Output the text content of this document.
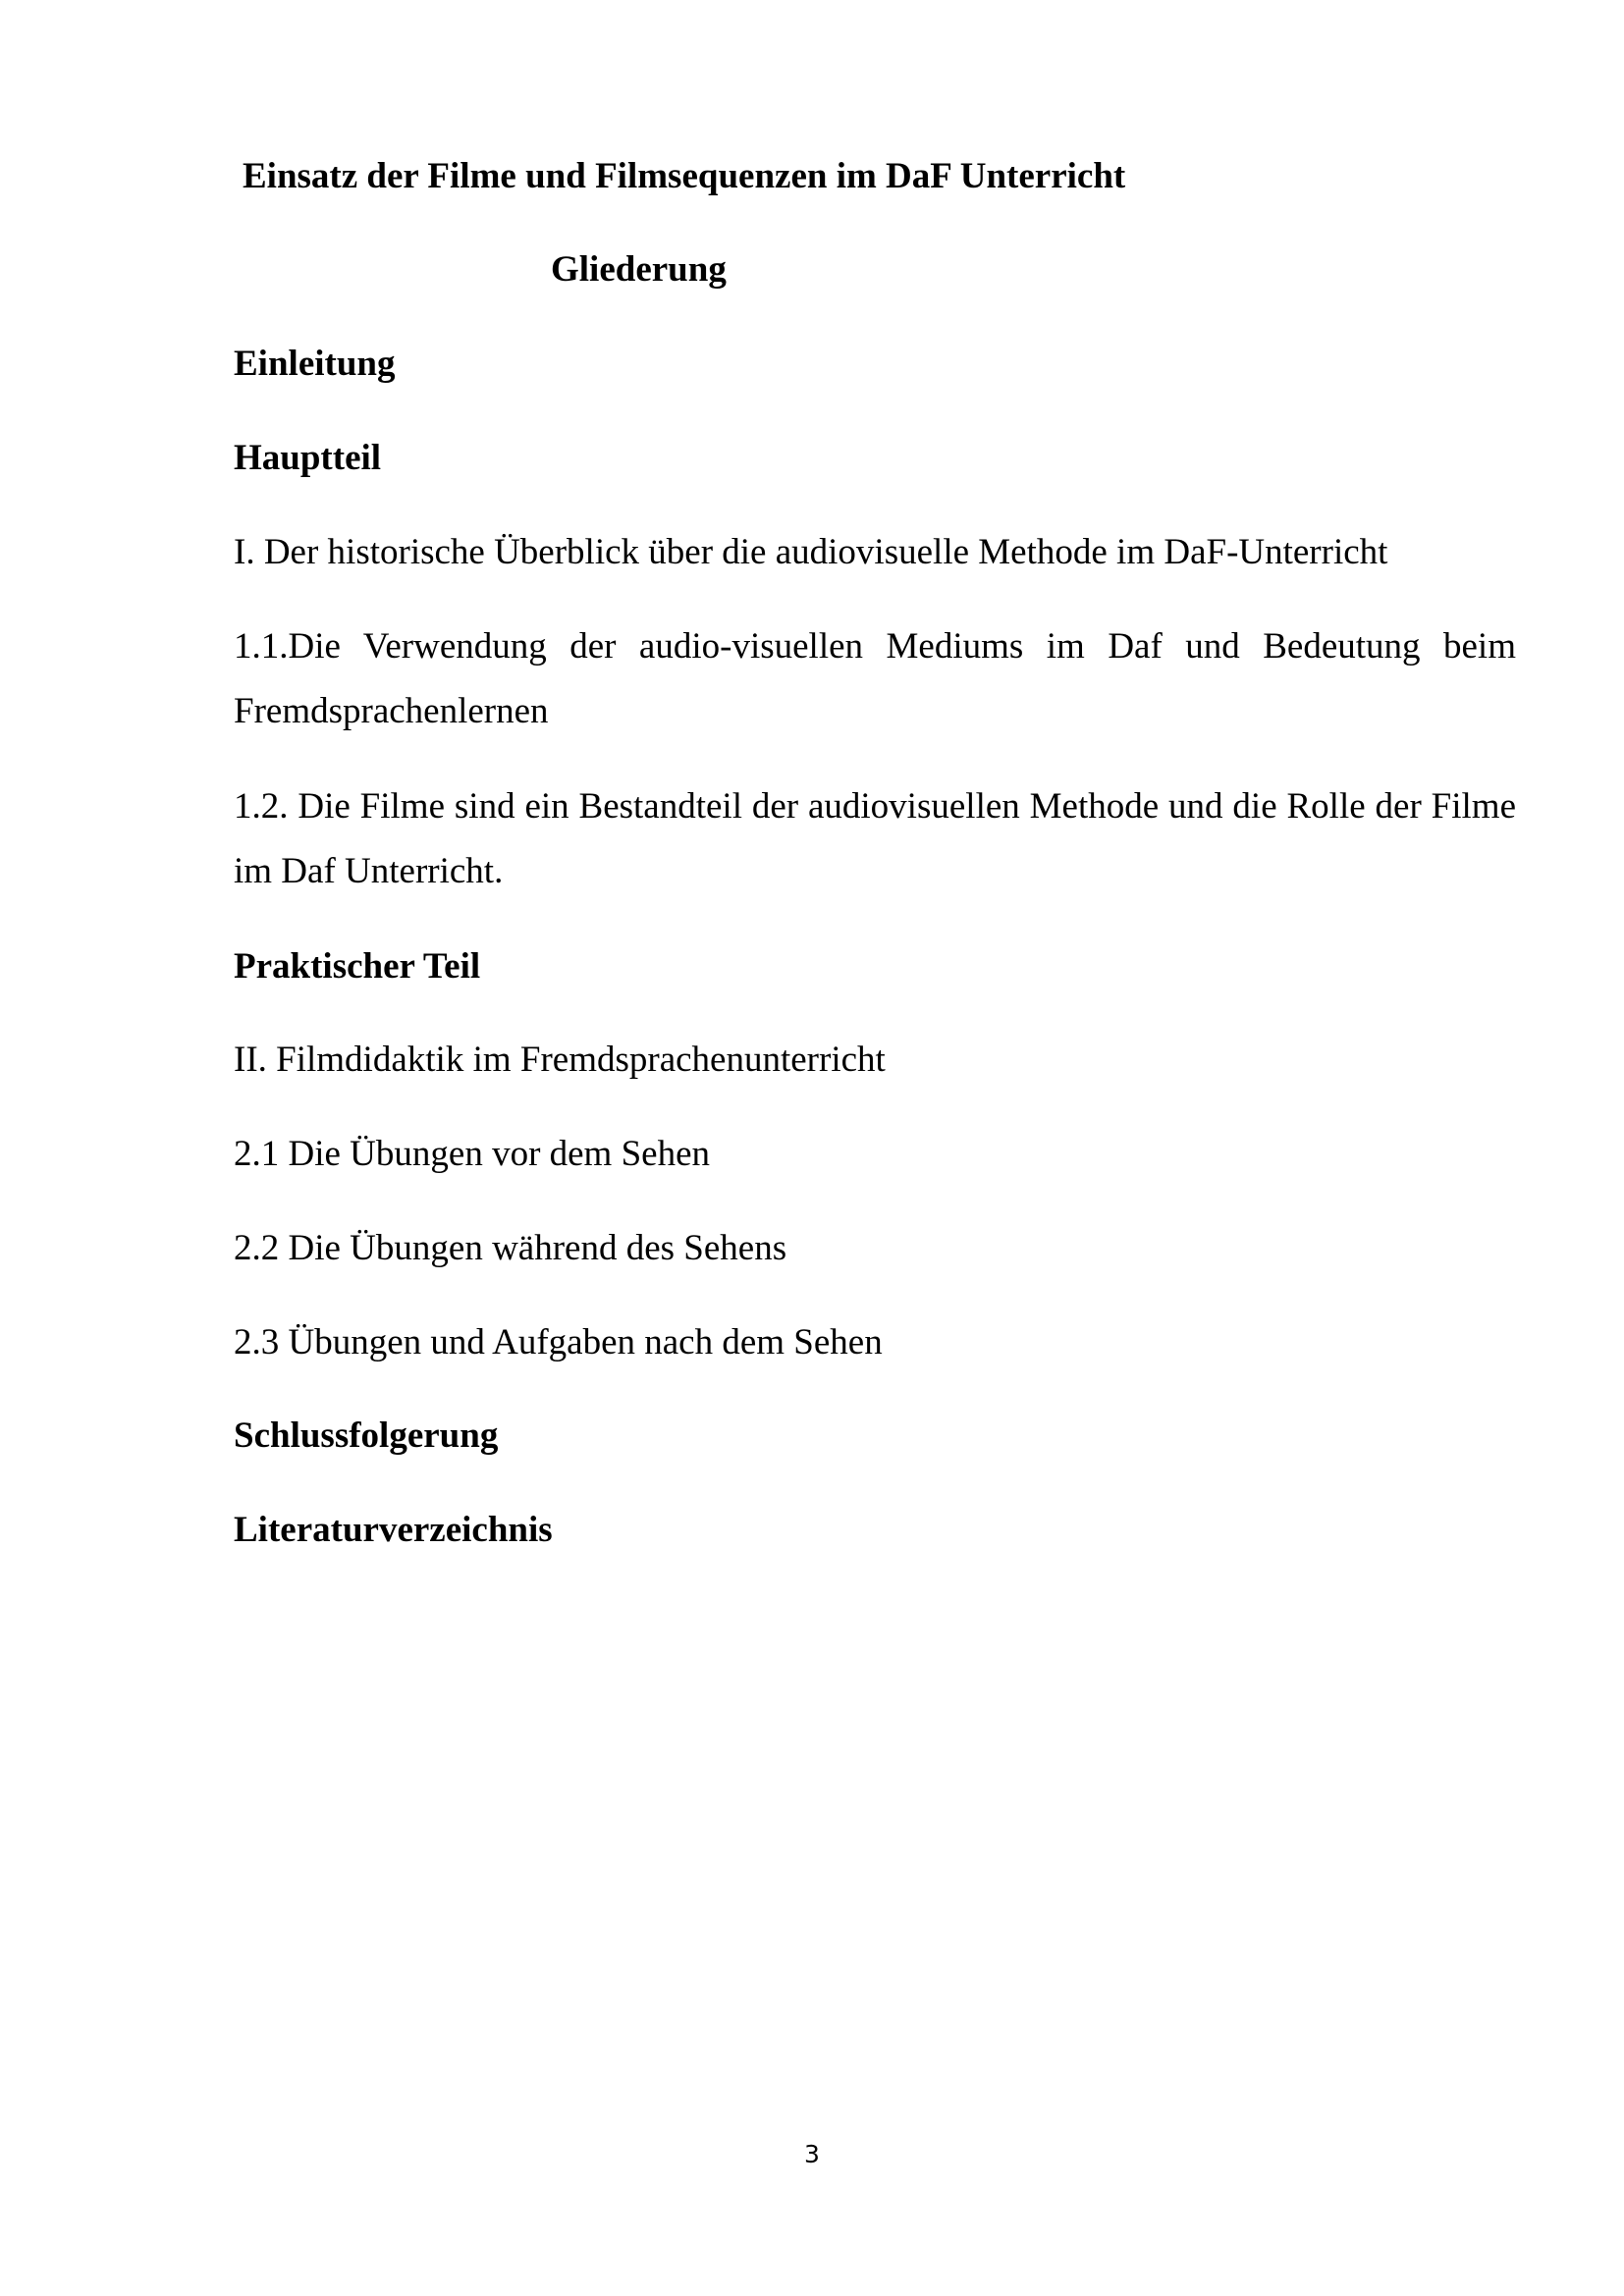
Einsatz der Filme und Filmsequenzen im DaF Unterricht

Gliederung

Einleitung

Hauptteil

I. Der historische Überblick über die audiovisuelle Methode im DaF-Unterricht

1.1.Die Verwendung der audio-visuellen Mediums im Daf und Bedeutung beim Fremdsprachenlernen

1.2. Die Filme sind ein Bestandteil der audiovisuellen Methode und die Rolle der Filme im Daf Unterricht.

Praktischer Teil

II. Filmdidaktik im Fremdsprachenunterricht

2.1 Die Übungen vor dem Sehen

2.2 Die Übungen während des Sehens

2.3 Übungen und Aufgaben nach dem Sehen

Schlussfolgerung

Literaturverzeichnis

3
